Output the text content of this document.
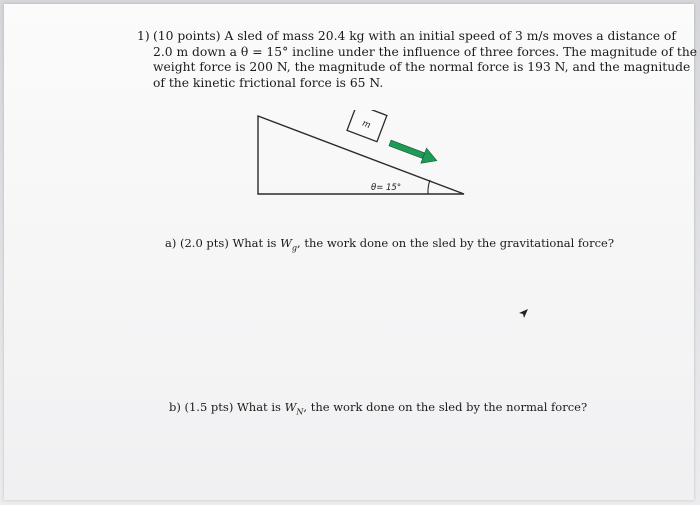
1) (10 points) A sled of mass 20.4 kg with an initial speed of 3 m/s moves a distance of
2.0 m down a θ = 15° incline under the influence of three forces. The magnitude of the
weight force is 200 N, the magnitude of the normal force is 193 N, and the magnitude
of the kinetic frictional force is 65 N.
m
θ= 15°
a) (2.0 pts) What is $W_g$, the work done on the sled by the gravitational force?
b) (1.5 pts) What is $W_N$, the work done on the sled by the normal force?
